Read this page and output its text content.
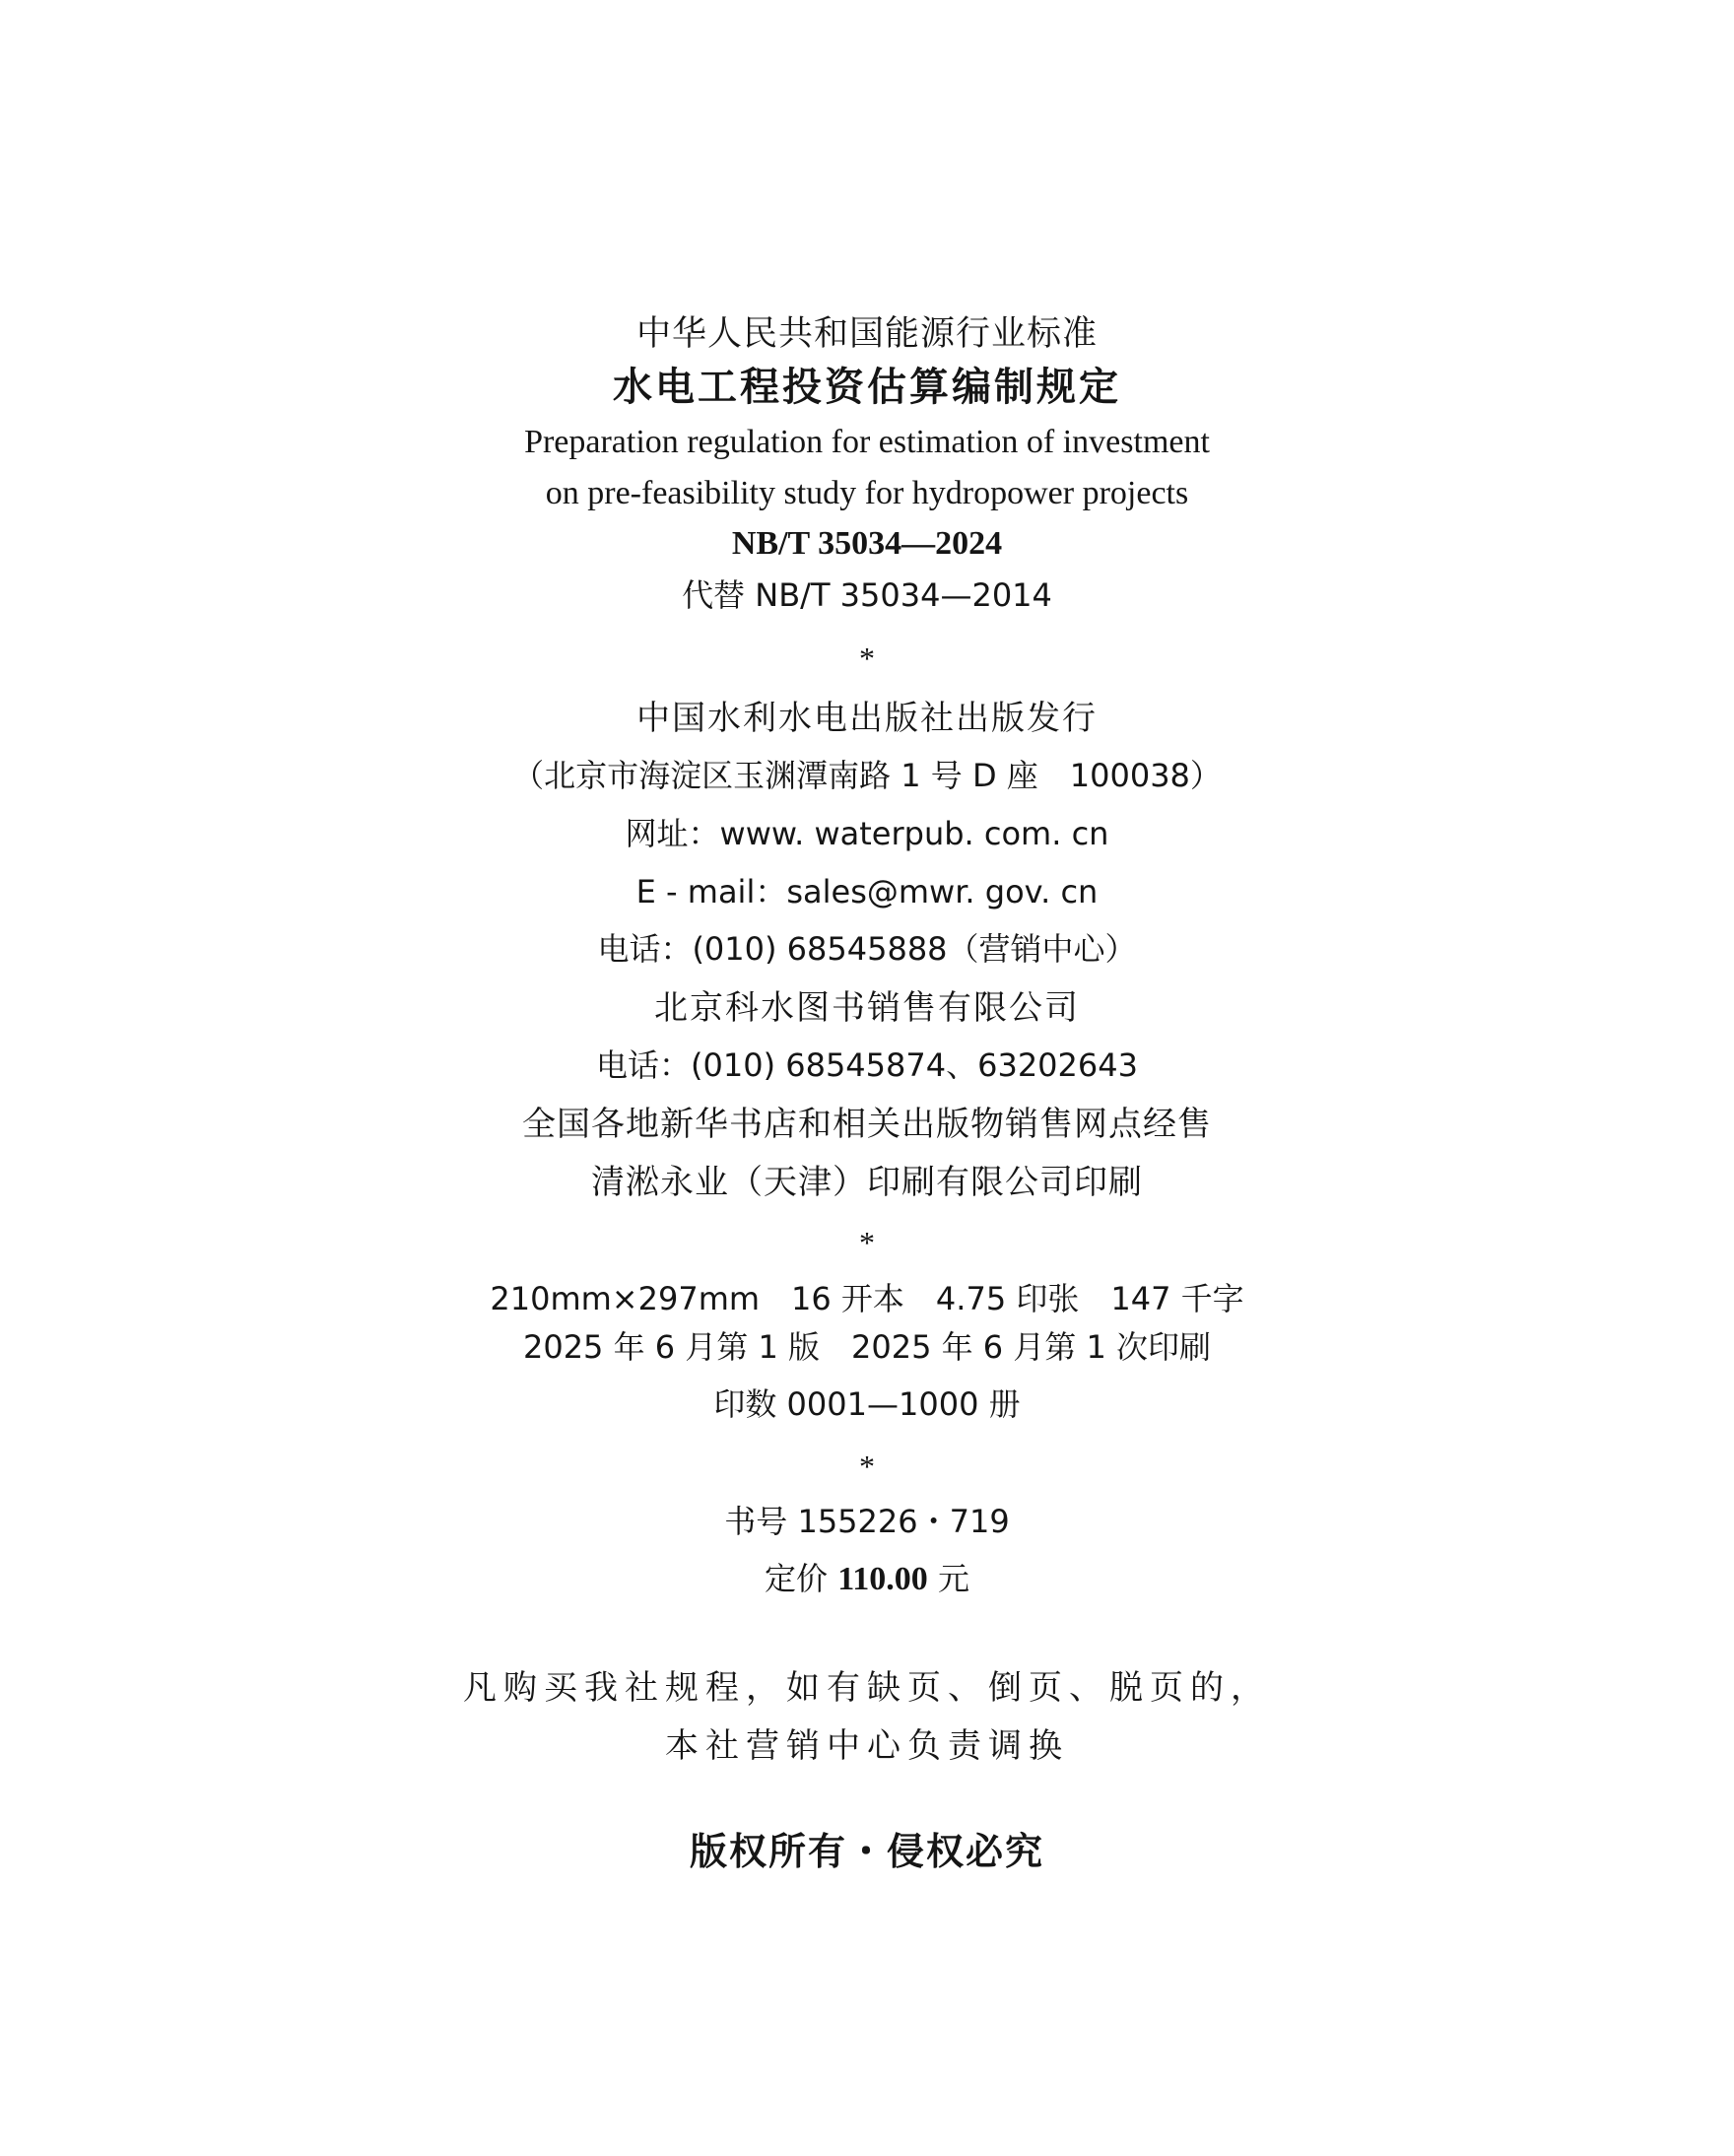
中华人民共和国能源行业标准
水电工程投资估算编制规定
Preparation regulation for estimation of investment
on pre-feasibility study for hydropower projects
NB/T 35034—2024
代替 NB/T 35034—2014
*
中国水利水电出版社出版发行
（北京市海淀区玉渊潭南路 1 号 D 座　100038）
网址：www. waterpub. com. cn
E - mail：sales@mwr. gov. cn
电话：(010) 68545888（营销中心）
北京科水图书销售有限公司
电话：(010) 68545874、63202643
全国各地新华书店和相关出版物销售网点经售
清淞永业（天津）印刷有限公司印刷
*
210mm×297mm　16 开本　4.75 印张　147 千字
2025 年 6 月第 1 版　2025 年 6 月第 1 次印刷
印数 0001—1000 册
*
书号 155226・719
定价 110.00 元
凡购买我社规程，如有缺页、倒页、脱页的，
本社营销中心负责调换
版权所有・侵权必究
